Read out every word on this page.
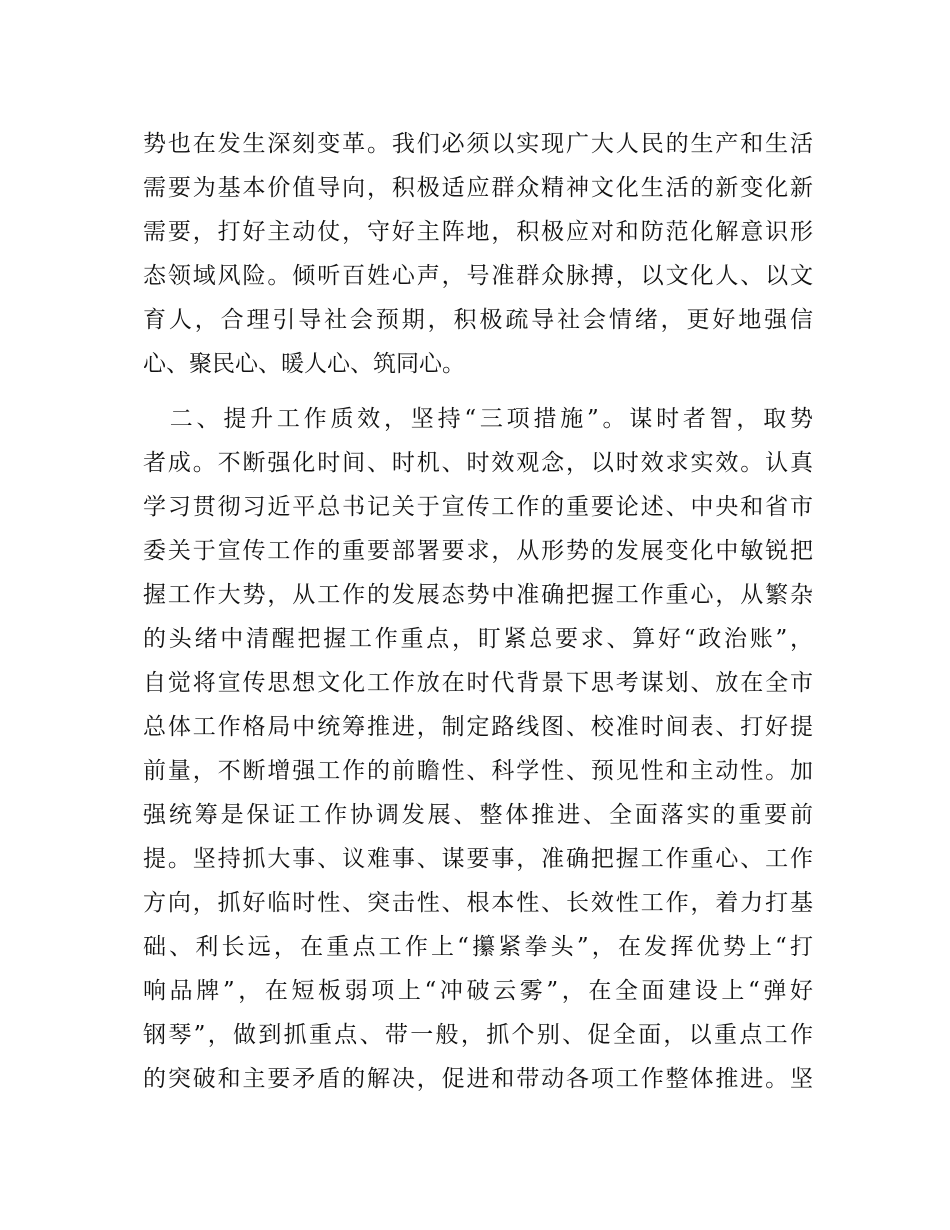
势也在发生深刻变革。我们必须以实现广大人民的生产和生活
需要为基本价值导向，积极适应群众精神文化生活的新变化新
需要，打好主动仗，守好主阵地，积极应对和防范化解意识形
态领域风险。倾听百姓心声，号准群众脉搏，以文化人、以文
育人，合理引导社会预期，积极疏导社会情绪，更好地强信
心、聚民心、暖人心、筑同心。
　二、提升工作质效，坚持“三项措施”。谋时者智，取势
者成。不断强化时间、时机、时效观念，以时效求实效。认真
学习贯彻习近平总书记关于宣传工作的重要论述、中央和省市
委关于宣传工作的重要部署要求，从形势的发展变化中敏锐把
握工作大势，从工作的发展态势中准确把握工作重心，从繁杂
的头绪中清醒把握工作重点，盯紧总要求、算好“政治账”，
自觉将宣传思想文化工作放在时代背景下思考谋划、放在全市
总体工作格局中统筹推进，制定路线图、校准时间表、打好提
前量，不断增强工作的前瞻性、科学性、预见性和主动性。加
强统筹是保证工作协调发展、整体推进、全面落实的重要前
提。坚持抓大事、议难事、谋要事，准确把握工作重心、工作
方向，抓好临时性、突击性、根本性、长效性工作，着力打基
础、利长远，在重点工作上“攥紧拳头”，在发挥优势上“打
响品牌”，在短板弱项上“冲破云雾”，在全面建设上“弹好
钢琴”，做到抓重点、带一般，抓个别、促全面，以重点工作
的突破和主要矛盾的解决，促进和带动各项工作整体推进。坚
